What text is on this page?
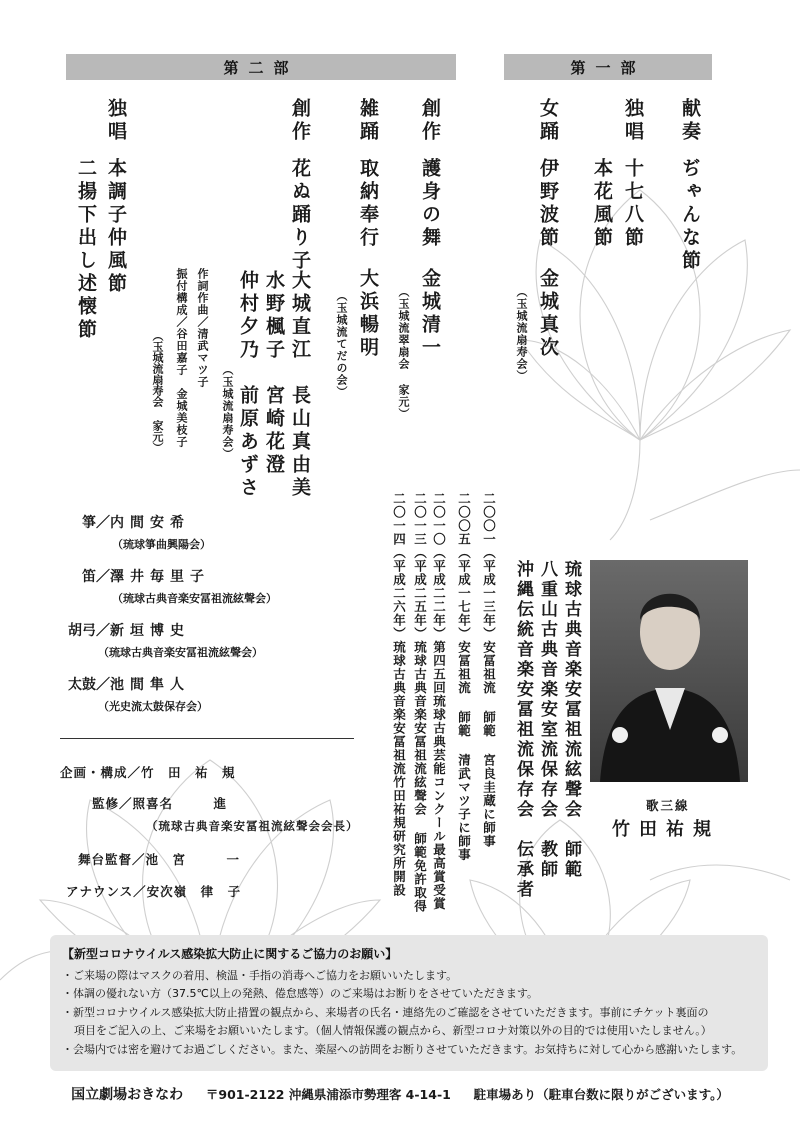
第二部	第一部
献奏
ぢゃんな節
独唱
十七八節
本花風節
女踊
伊野波節
金城真次
（玉城流扇寿会）
創作
護身の舞
金城清一
（玉城流翠扇会 家元）
雑踊
取納奉行
大浜暢明
（玉城流てだの会）
創作
花ぬ踊り子
大城直江　長山真由美
水野楓子　宮崎花澄
仲村夕乃　前原あずさ
（玉城流扇寿会）
作詞作曲／清武マツ子
振付構成／谷田嘉子　金城美枝子
（玉城流扇寿会 家元）
独唱
本調子仲風節
二揚下出し述懐節
箏／内間安希
（琉球箏曲興陽会）
笛／澤井毎里子
（琉球古典音楽安冨祖流絃聲会）
胡弓／新垣博史
（琉球古典音楽安冨祖流絃聲会）
太鼓／池間隼人
（光史流太鼓保存会）
企画・構成／竹　田　祐　規
監修／照喜名　　　進
（琉球古典音楽安冨祖流絃聲会会長）
舞台監督／池　宮　　　一
アナウンス／安次嶺　律　子
二〇〇一（平成一三年）安冨祖流 師範 宮良圭蔵に師事
二〇〇五（平成一七年）安冨祖流 師範 清武マツ子に師事
二〇一〇（平成二二年）第四五回琉球古典芸能コンクール最高賞受賞
二〇一三（平成二五年）琉球古典音楽安冨祖流絃聲会 師範免許取得
二〇一四（平成二六年）琉球古典音楽安冨祖流竹田祐規研究所開設	琉球古典音楽安冨祖流絃聲会　師範
八重山古典音楽安室流保存会　教師
沖縄伝統音楽安冨祖流保存会　伝承者	歌三線
竹田祐規
【新型コロナウイルス感染拡大防止に関するご協力のお願い】
・ご来場の際はマスクの着用、検温・手指の消毒へご協力をお願いいたします。
・体調の優れない方（37.5℃以上の発熱、倦怠感等）のご来場はお断りをさせていただきます。
・新型コロナウイルス感染拡大防止措置の観点から、来場者の氏名・連絡先のご確認をさせていただきます。事前にチケット裏面の
項目をご記入の上、ご来場をお願いいたします。（個人情報保護の観点から、新型コロナ対策以外の目的では使用いたしません。）
・会場内では密を避けてお過ごしください。また、楽屋への訪問をお断りさせていただきます。お気持ちに対して心から感謝いたします。
国立劇場おきなわ 〒901-2122 沖縄県浦添市勢理客 4-14-1 駐車場あり（駐車台数に限りがございます。）
